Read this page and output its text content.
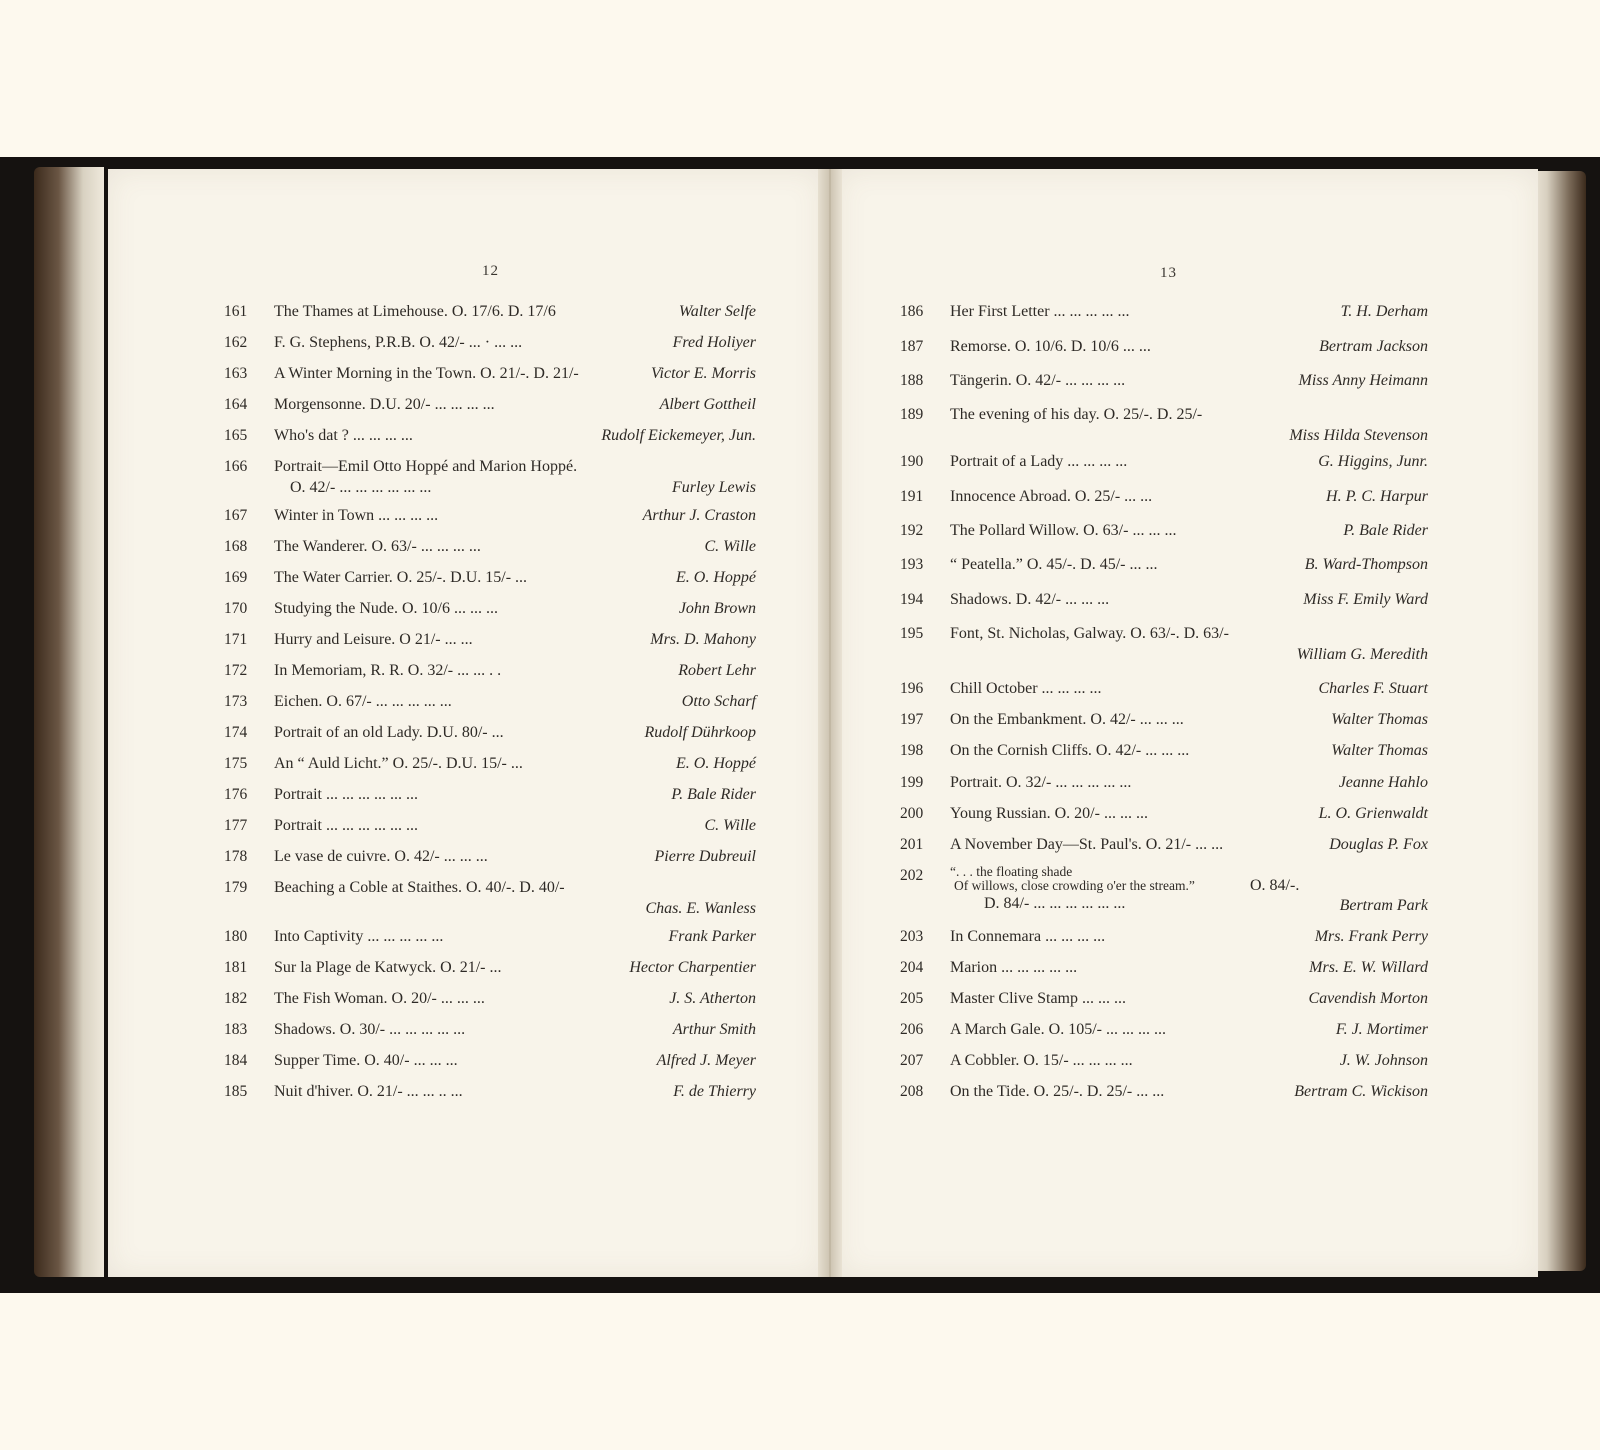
12	13
161 The Thames at Limehouse. O. 17/6. D. 17/6	Walter Selfe
162 F. G. Stephens, P.R.B. O. 42/- ... · ... ...	Fred Holiyer
163 A Winter Morning in the Town. O. 21/-. D. 21/-	Victor E. Morris
164 Morgensonne. D.U. 20/- ... ... ... ...	Albert Gottheil
165 Who's dat ? ... ... ... ...	Rudolf Eickemeyer, Jun.
166 Portrait—Emil Otto Hoppé and Marion Hoppé.
O. 42/- ... ... ... ... ... ...	Furley Lewis
167 Winter in Town ... ... ... ...	Arthur J. Craston
168 The Wanderer. O. 63/- ... ... ... ...	C. Wille
169 The Water Carrier. O. 25/-. D.U. 15/- ...	E. O. Hoppé
170 Studying the Nude. O. 10/6 ... ... ...	John Brown
171 Hurry and Leisure. O 21/- ... ...	Mrs. D. Mahony
172 In Memoriam, R. R. O. 32/- ... ... . .	Robert Lehr
173 Eichen. O. 67/- ... ... ... ... ...	Otto Scharf
174 Portrait of an old Lady. D.U. 80/- ...	Rudolf Dührkoop
175 An “ Auld Licht.” O. 25/-. D.U. 15/- ...	E. O. Hoppé
176 Portrait ... ... ... ... ... ...	P. Bale Rider
177 Portrait ... ... ... ... ... ...	C. Wille
178 Le vase de cuivre. O. 42/- ... ... ...	Pierre Dubreuil
179 Beaching a Coble at Staithes. O. 40/-. D. 40/-
Chas. E. Wanless
180 Into Captivity ... ... ... ... ...	Frank Parker
181 Sur la Plage de Katwyck. O. 21/- ...	Hector Charpentier
182 The Fish Woman. O. 20/- ... ... ...	J. S. Atherton
183 Shadows. O. 30/- ... ... ... ... ...	Arthur Smith
184 Supper Time. O. 40/- ... ... ...	Alfred J. Meyer
185 Nuit d'hiver. O. 21/- ... ... .. ...	F. de Thierry
186 Her First Letter ... ... ... ... ...	T. H. Derham
187 Remorse. O. 10/6. D. 10/6 ... ...	Bertram Jackson
188 Tängerin. O. 42/- ... ... ... ...	Miss Anny Heimann
189 The evening of his day. O. 25/-. D. 25/-
Miss Hilda Stevenson
190 Portrait of a Lady ... ... ... ...	G. Higgins, Junr.
191 Innocence Abroad. O. 25/- ... ...	H. P. C. Harpur
192 The Pollard Willow. O. 63/- ... ... ...	P. Bale Rider
193 “ Peatella.” O. 45/-. D. 45/- ... ...	B. Ward-Thompson
194 Shadows. D. 42/- ... ... ...	Miss F. Emily Ward
195 Font, St. Nicholas, Galway. O. 63/-. D. 63/-
William G. Meredith
196 Chill October ... ... ... ...	Charles F. Stuart
197 On the Embankment. O. 42/- ... ... ...	Walter Thomas
198 On the Cornish Cliffs. O. 42/- ... ... ...	Walter Thomas
199 Portrait. O. 32/- ... ... ... ... ...	Jeanne Hahlo
200 Young Russian. O. 20/- ... ... ...	L. O. Grienwaldt
201 A November Day—St. Paul's. O. 21/- ... ...	Douglas P. Fox
202 “. . . the floating shade
Of willows, close crowding o'er the stream.”	O. 84/-.
D. 84/- ... ... ... ... ... ...	Bertram Park
203 In Connemara ... ... ... ...	Mrs. Frank Perry
204 Marion ... ... ... ... ...	Mrs. E. W. Willard
205 Master Clive Stamp ... ... ...	Cavendish Morton
206 A March Gale. O. 105/- ... ... ... ...	F. J. Mortimer
207 A Cobbler. O. 15/- ... ... ... ...	J. W. Johnson
208 On the Tide. O. 25/-. D. 25/- ... ...	Bertram C. Wickison
